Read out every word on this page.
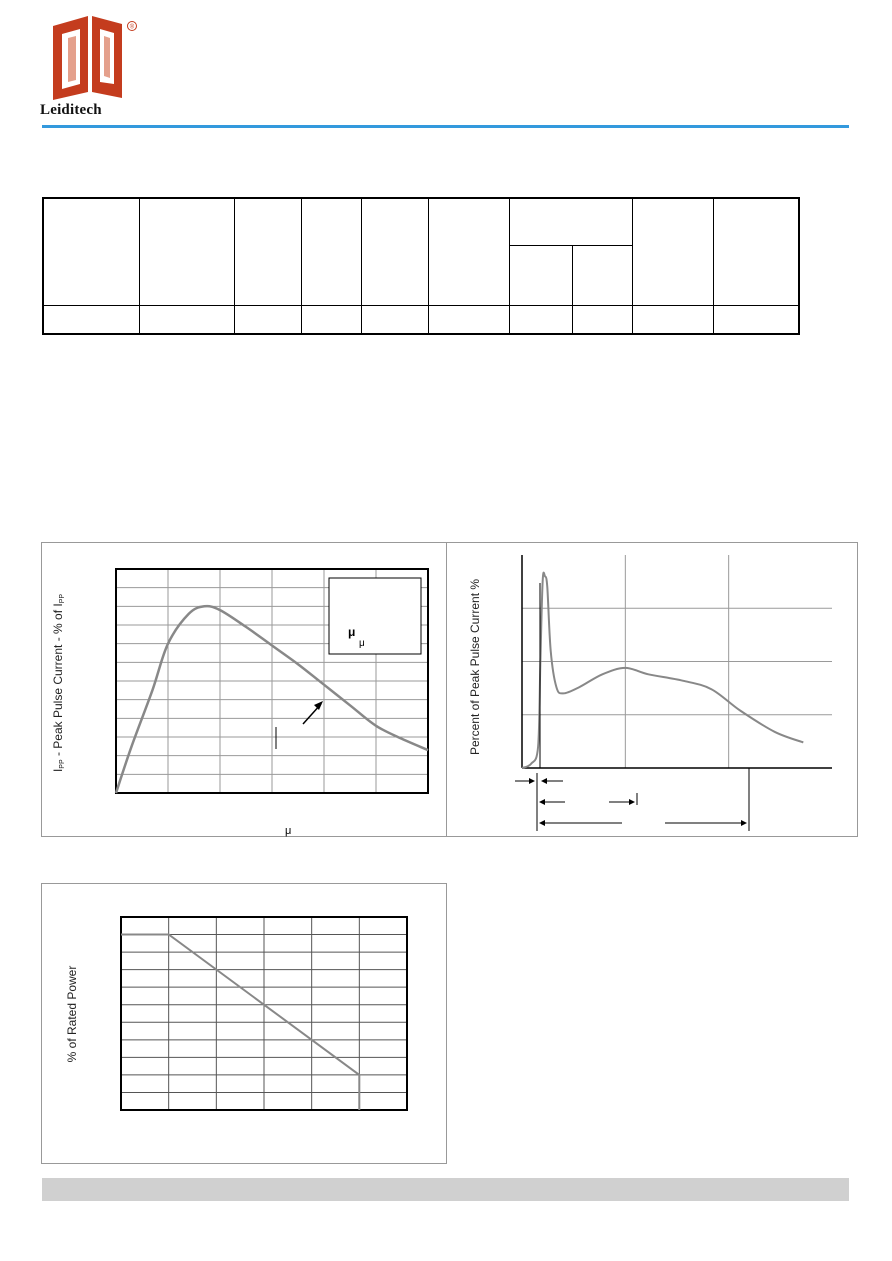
®
Leiditech

μ
μ
IPP - Peak Pulse Current - % of IPP
μ
Percent of Peak Pulse Current %
% of Rated Power
